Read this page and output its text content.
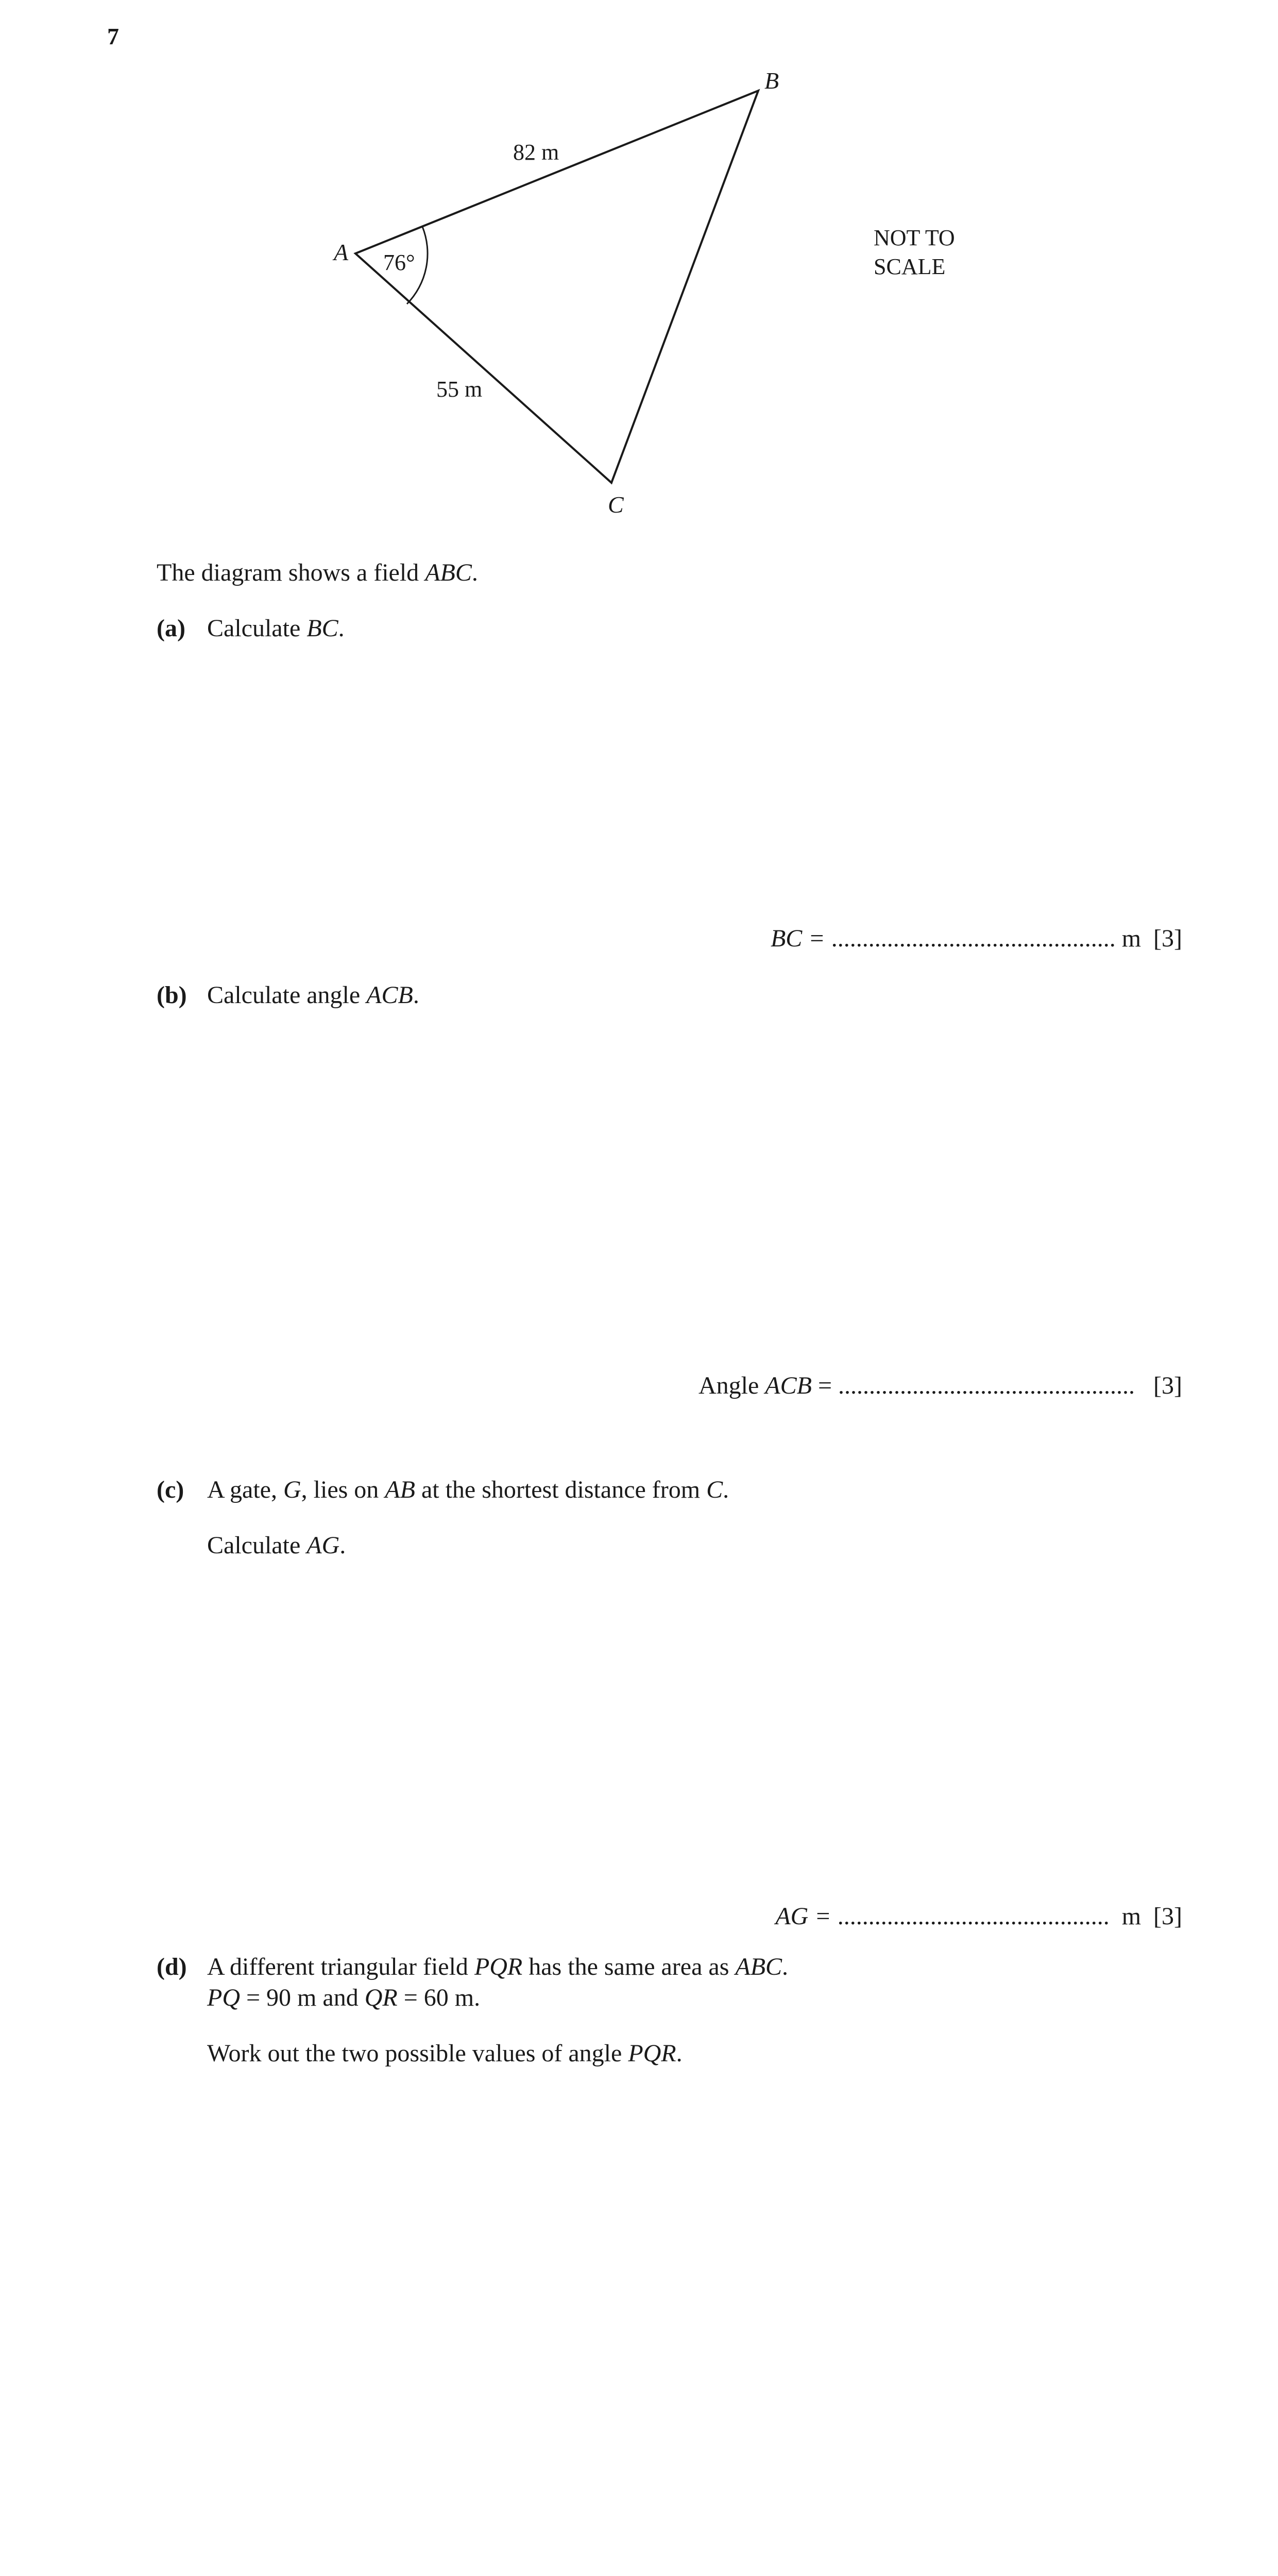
7
A
B
C
82 m
55 m
76°
NOT TO
SCALE
The diagram shows a field ABC.
(a) Calculate BC.
BC = .............................................. m [3]
(b) Calculate angle ACB.
Angle ACB = ................................................ [3]
(c) A gate, G, lies on AB at the shortest distance from C.
Calculate AG.
AG = ............................................ m [3]
(d) A different triangular field PQR has the same area as ABC.
PQ = 90 m and QR = 60 m.
Work out the two possible values of angle PQR.
